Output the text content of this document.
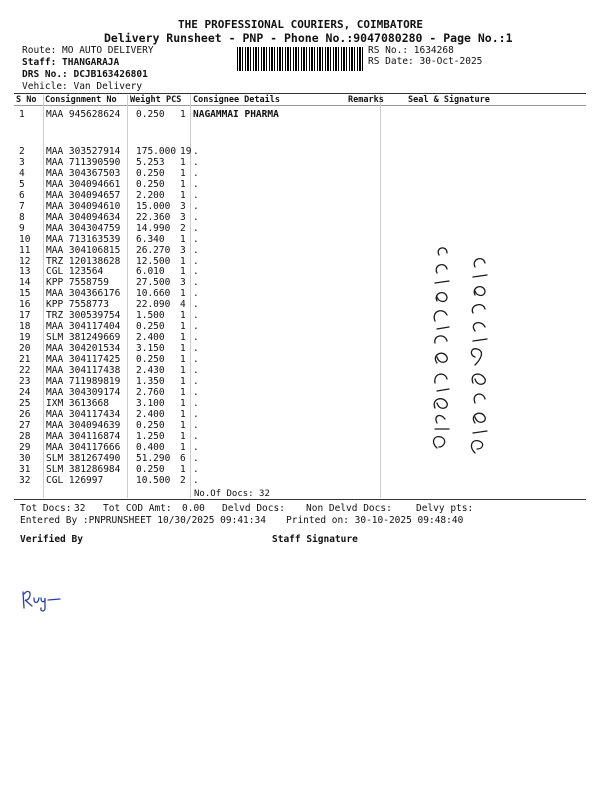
THE PROFESSIONAL COURIERS, COIMBATORE
Delivery Runsheet - PNP - Phone No.:9047080280 - Page No.:1
Route: MO AUTO DELIVERY
Staff: THANGARAJA
DRS No.: DCJB163426801
Vehicle: Van Delivery
RS No.: 1634268
RS Date: 30-Oct-2025
S No Consignment No Weight PCS Consignee Details	Remarks	Seal & Signature
1 MAA 945628624 0.250 1 NAGAMMAI PHARMA
2 MAA 303527914 175.000 19 .
3 MAA 711390590 5.253 1 .
4 MAA 304367503 0.250 1 .
5 MAA 304094661 0.250 1 .
6 MAA 304094657 2.200 1 .
7 MAA 304094610 15.000 3 .
8 MAA 304094634 22.360 3 .
9 MAA 304304759 14.990 2 .
10 MAA 713163539 6.340 1 .
11 MAA 304106815 26.270 3 .
12 TRZ 120138628 12.500 1 .
13 CGL 123564	6.010 1 .
14 KPP 7558759	27.500 3 .
15 MAA 304366176 10.660 1 .
16 KPP 7558773	22.090 4 .
17 TRZ 300539754 1.500 1 .
18 MAA 304117404 0.250 1 .
19 SLM 381249669 2.400 1 .
20 MAA 304201534 3.150 1 .
21 MAA 304117425 0.250 1 .
22 MAA 304117438 2.430 1 .
23 MAA 711989819 1.350 1 .
24 MAA 304309174 2.760 1 .
25 IXM 3613668	3.100 1 .
26 MAA 304117434 2.400 1 .
27 MAA 304094639 0.250 1 .
28 MAA 304116874 1.250 1 .
29 MAA 304117666 0.400 1 .
30 SLM 381267490 51.290 6 .
31 SLM 381286984 0.250 1 .
32 CGL 126997	10.500 2 .
No.Of Docs: 32
Tot Docs: 32 Tot COD Amt: 0.00 Delvd Docs: Non Delvd Docs:	Delvy pts:
Entered By :PNPRUNSHEET 10/30/2025 09:41:34 Printed on: 30-10-2025 09:48:40
Verified By	Staff Signature
